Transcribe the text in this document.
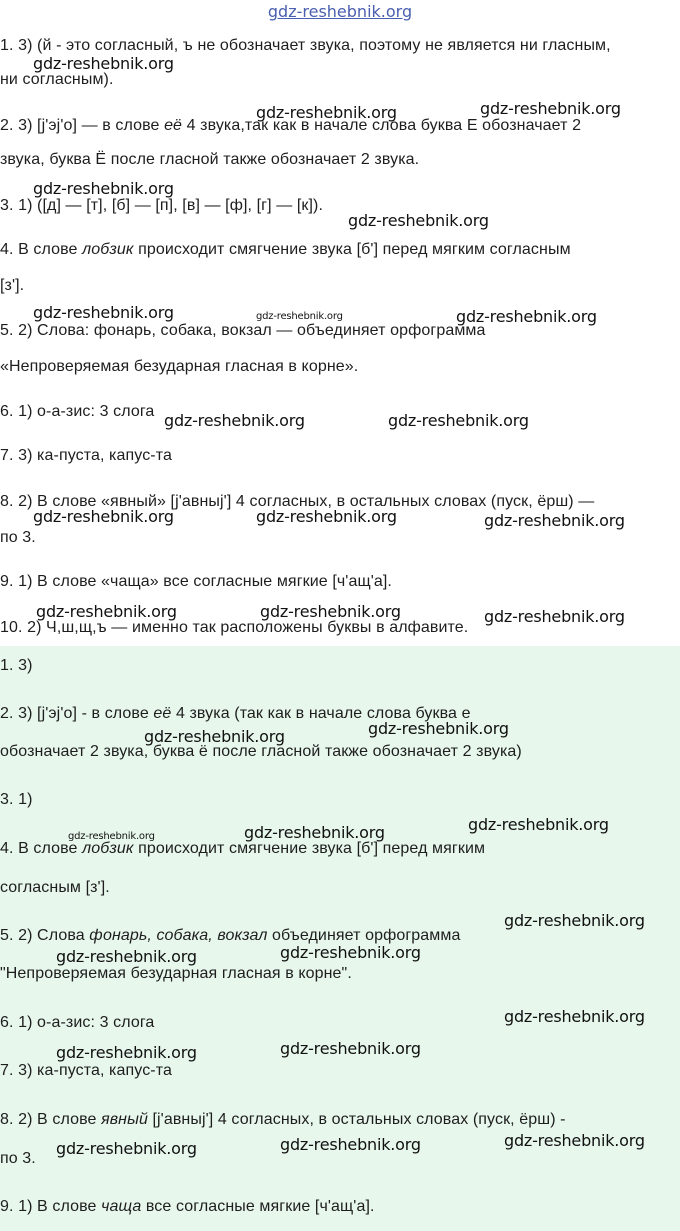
gdz-reshebnik.org
1. 3) (й - это согласный, ъ не обозначает звука, поэтому не является ни гласным,
ни согласным).
2. 3) [j'эj'о] — в слове её 4 звука,так как в начале слова буква Е обозначает 2
звука, буква Ё после гласной также обозначает 2 звука.
3. 1) ([д] — [т], [б] — [п], [в] — [ф], [г] — [к]).
4. В слове лобзик происходит смягчение звука [б'] перед мягким согласным
[з'].
5. 2) Слова: фонарь, собака, вокзал — объединяет орфограмма
«Непроверяемая безударная гласная в корне».
6. 1) о-а-зис: 3 слога
7. 3) ка-пуста, капус-та
8. 2) В слове «явный» [j'авныj'] 4 согласных, в остальных словах (пуск, ёрш) —
по 3.
9. 1) В слове «чаща» все согласные мягкие [ч'ащ'а].
10. 2) Ч,ш,щ,ъ — именно так расположены буквы в алфавите.
1. 3)
2. 3) [j'эj'о] - в слове её 4 звука (так как в начале слова буква е
обозначает 2 звука, буква ё после гласной также обозначает 2 звука)
3. 1)
4. В слове лобзик происходит смягчение звука [б'] перед мягким
согласным [з'].
5. 2) Слова фонарь, собака, вокзал объединяет орфограмма
"Непроверяемая безударная гласная в корне".
6. 1) о-а-зис: 3 слога
7. 3) ка-пуста, капус-та
8. 2) В слове явный [j'авныj'] 4 согласных, в остальных словах (пуск, ёрш) -
по 3.
9. 1) В слове чаща все согласные мягкие [ч'ащ'а].
gdz-reshebnik.org
gdz-reshebnik.org	gdz-reshebnik.org
gdz-reshebnik.org
gdz-reshebnik.org
gdz-reshebnik.org	gdz-reshebnik.org	gdz-reshebnik.org
gdz-reshebnik.org	gdz-reshebnik.org
gdz-reshebnik.org	gdz-reshebnik.org	gdz-reshebnik.org
gdz-reshebnik.org	gdz-reshebnik.org	gdz-reshebnik.org
gdz-reshebnik.org	gdz-reshebnik.org
gdz-reshebnik.org	gdz-reshebnik.org	gdz-reshebnik.org
gdz-reshebnik.org
gdz-reshebnik.org	gdz-reshebnik.org
gdz-reshebnik.org
gdz-reshebnik.org	gdz-reshebnik.org
gdz-reshebnik.org	gdz-reshebnik.org	gdz-reshebnik.org
